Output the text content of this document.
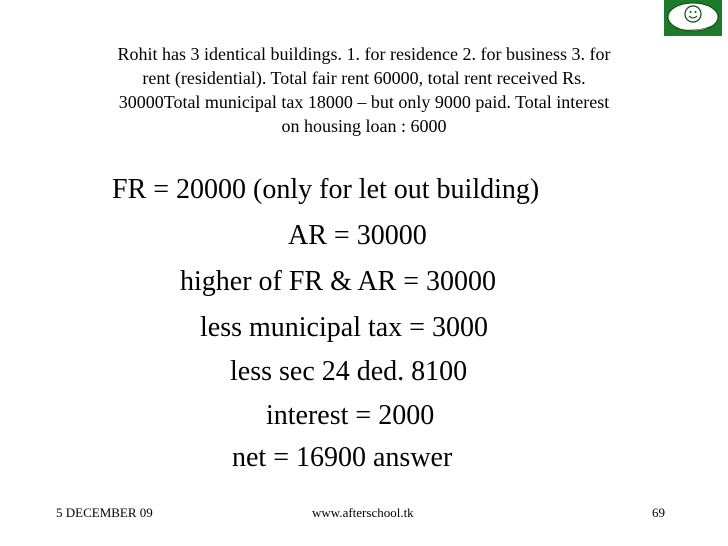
Rohit has 3 identical buildings. 1. for residence 2. for business 3. for

rent (residential). Total fair rent 60000, total rent received Rs.

30000Total municipal tax 18000 – but only 9000 paid. Total interest

on housing loan : 6000

FR = 20000 (only for let out building)
AR = 30000
higher of FR & AR = 30000
less municipal tax = 3000
less sec 24 ded. 8100
interest = 2000
net = 16900 answer
5 DECEMBER 09	www.afterschool.tk	69
